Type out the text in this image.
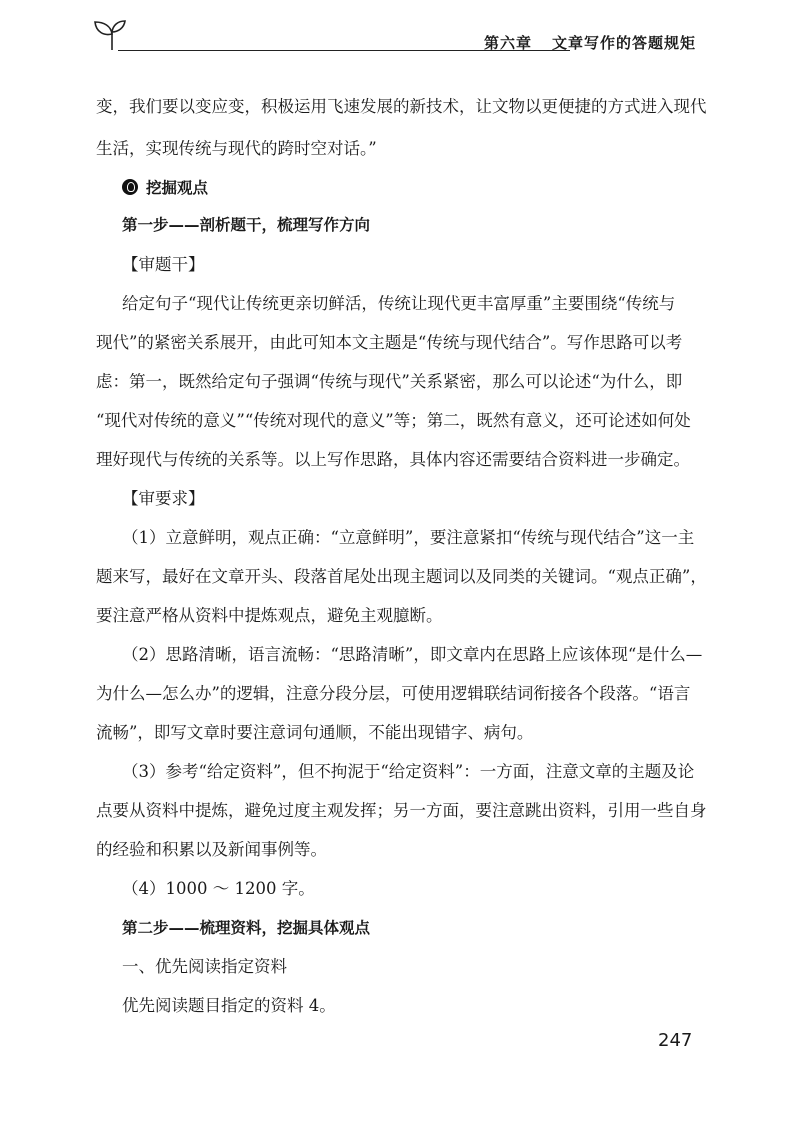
第六章 文章写作的答题规矩
变，我们要以变应变，积极运用飞速发展的新技术，让文物以更便捷的方式进入现代
生活，实现传统与现代的跨时空对话。”
挖掘观点
第一步——剖析题干，梳理写作方向
【审题干】
给定句子“现代让传统更亲切鲜活，传统让现代更丰富厚重”主要围绕“传统与
现代”的紧密关系展开，由此可知本文主题是“传统与现代结合”。写作思路可以考
虑：第一，既然给定句子强调“传统与现代”关系紧密，那么可以论述“为什么，即
“现代对传统的意义”“传统对现代的意义”等；第二，既然有意义，还可论述如何处
理好现代与传统的关系等。以上写作思路，具体内容还需要结合资料进一步确定。
【审要求】
（1）立意鲜明，观点正确：“立意鲜明”，要注意紧扣“传统与现代结合”这一主
题来写，最好在文章开头、段落首尾处出现主题词以及同类的关键词。“观点正确”，
要注意严格从资料中提炼观点，避免主观臆断。
（2）思路清晰，语言流畅：“思路清晰”，即文章内在思路上应该体现“是什么—
为什么—怎么办”的逻辑，注意分段分层，可使用逻辑联结词衔接各个段落。“语言
流畅”，即写文章时要注意词句通顺，不能出现错字、病句。
（3）参考“给定资料”，但不拘泥于“给定资料”：一方面，注意文章的主题及论
点要从资料中提炼，避免过度主观发挥；另一方面，要注意跳出资料，引用一些自身
的经验和积累以及新闻事例等。
（4）1000 ～ 1200 字。
第二步——梳理资料，挖掘具体观点
一、优先阅读指定资料
优先阅读题目指定的资料 4。
247
